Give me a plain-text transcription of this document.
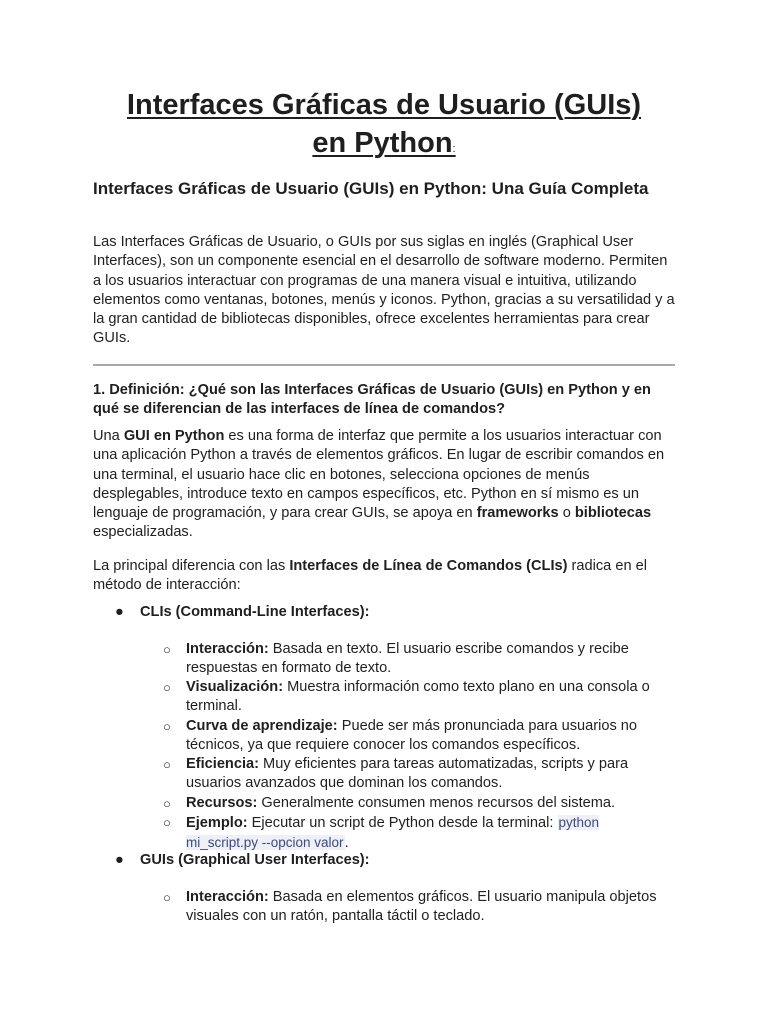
Interfaces Gráficas de Usuario (GUIs)
en Python:
Interfaces Gráficas de Usuario (GUIs) en Python: Una Guía Completa

Las Interfaces Gráficas de Usuario, o GUIs por sus siglas en inglés (Graphical User Interfaces), son un componente esencial en el desarrollo de software moderno. Permiten a los usuarios interactuar con programas de una manera visual e intuitiva, utilizando elementos como ventanas, botones, menús y iconos. Python, gracias a su versatilidad y a la gran cantidad de bibliotecas disponibles, ofrece excelentes herramientas para crear GUIs.

1. Definición: ¿Qué son las Interfaces Gráficas de Usuario (GUIs) en Python y en qué se diferencian de las interfaces de línea de comandos?

Una GUI en Python es una forma de interfaz que permite a los usuarios interactuar con una aplicación Python a través de elementos gráficos. En lugar de escribir comandos en una terminal, el usuario hace clic en botones, selecciona opciones de menús desplegables, introduce texto en campos específicos, etc. Python en sí mismo es un lenguaje de programación, y para crear GUIs, se apoya en frameworks o bibliotecas especializadas.

La principal diferencia con las Interfaces de Línea de Comandos (CLIs) radica en el método de interacción:

● CLIs (Command-Line Interfaces):
○ Interacción: Basada en texto. El usuario escribe comandos y recibe respuestas en formato de texto.
○ Visualización: Muestra información como texto plano en una consola o terminal.
○ Curva de aprendizaje: Puede ser más pronunciada para usuarios no técnicos, ya que requiere conocer los comandos específicos.
○ Eficiencia: Muy eficientes para tareas automatizadas, scripts y para usuarios avanzados que dominan los comandos.
○ Recursos: Generalmente consumen menos recursos del sistema.
○ Ejemplo: Ejecutar un script de Python desde la terminal: python mi_script.py --opcion valor.
● GUIs (Graphical User Interfaces):
○ Interacción: Basada en elementos gráficos. El usuario manipula objetos visuales con un ratón, pantalla táctil o teclado.
